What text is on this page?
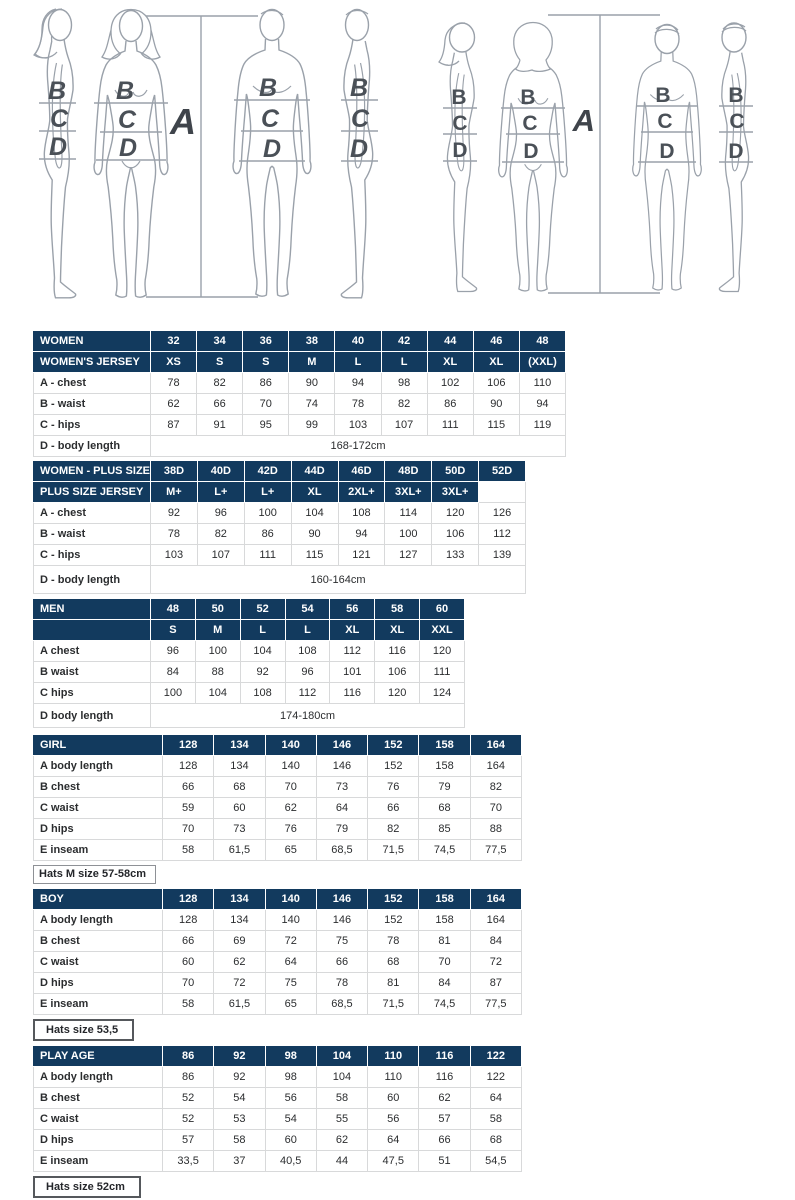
B
C
D
B
C
D
A
B
C
D
B
C
D
B
C
D
B
C
D
A
B
C
D
B
C
D
WOMEN	32	34	36	38	40	42	44	46	48
WOMEN'S JERSEY	XS	S	S	M	L	L	XL	XL	(XXL)
A - chest	78	82	86	90	94	98	102	106	110
B - waist	62	66	70	74	78	82	86	90	94
C - hips	87	91	95	99	103	107	111	115	119
D - body length	168-172cm								
WOMEN - PLUS SIZE	38D	40D	42D	44D	46D	48D	50D	52D
PLUS SIZE JERSEY	M+	L+	L+	XL	2XL+	3XL+	3XL+	
A - chest	92	96	100	104	108	114	120	126
B - waist	78	82	86	90	94	100	106	112
C - hips	103	107	111	115	121	127	133	139
D - body length	160-164cm							
MEN	48	50	52	54	56	58	60
	S	M	L	L	XL	XL	XXL
A chest	96	100	104	108	112	116	120
B waist	84	88	92	96	101	106	111
C hips	100	104	108	112	116	120	124
D body length	174-180cm						
GIRL	128	134	140	146	152	158	164
A body length	128	134	140	146	152	158	164
B chest	66	68	70	73	76	79	82
C waist	59	60	62	64	66	68	70
D hips	70	73	76	79	82	85	88
E inseam	58	61,5	65	68,5	71,5	74,5	77,5
Hats M size 57-58cm
BOY	128	134	140	146	152	158	164
A body length	128	134	140	146	152	158	164
B chest	66	69	72	75	78	81	84
C waist	60	62	64	66	68	70	72
D hips	70	72	75	78	81	84	87
E inseam	58	61,5	65	68,5	71,5	74,5	77,5
Hats size 53,5
PLAY AGE	86	92	98	104	110	116	122
A body length	86	92	98	104	110	116	122
B chest	52	54	56	58	60	62	64
C waist	52	53	54	55	56	57	58
D hips	57	58	60	62	64	66	68
E inseam	33,5	37	40,5	44	47,5	51	54,5
Hats size 52cm
